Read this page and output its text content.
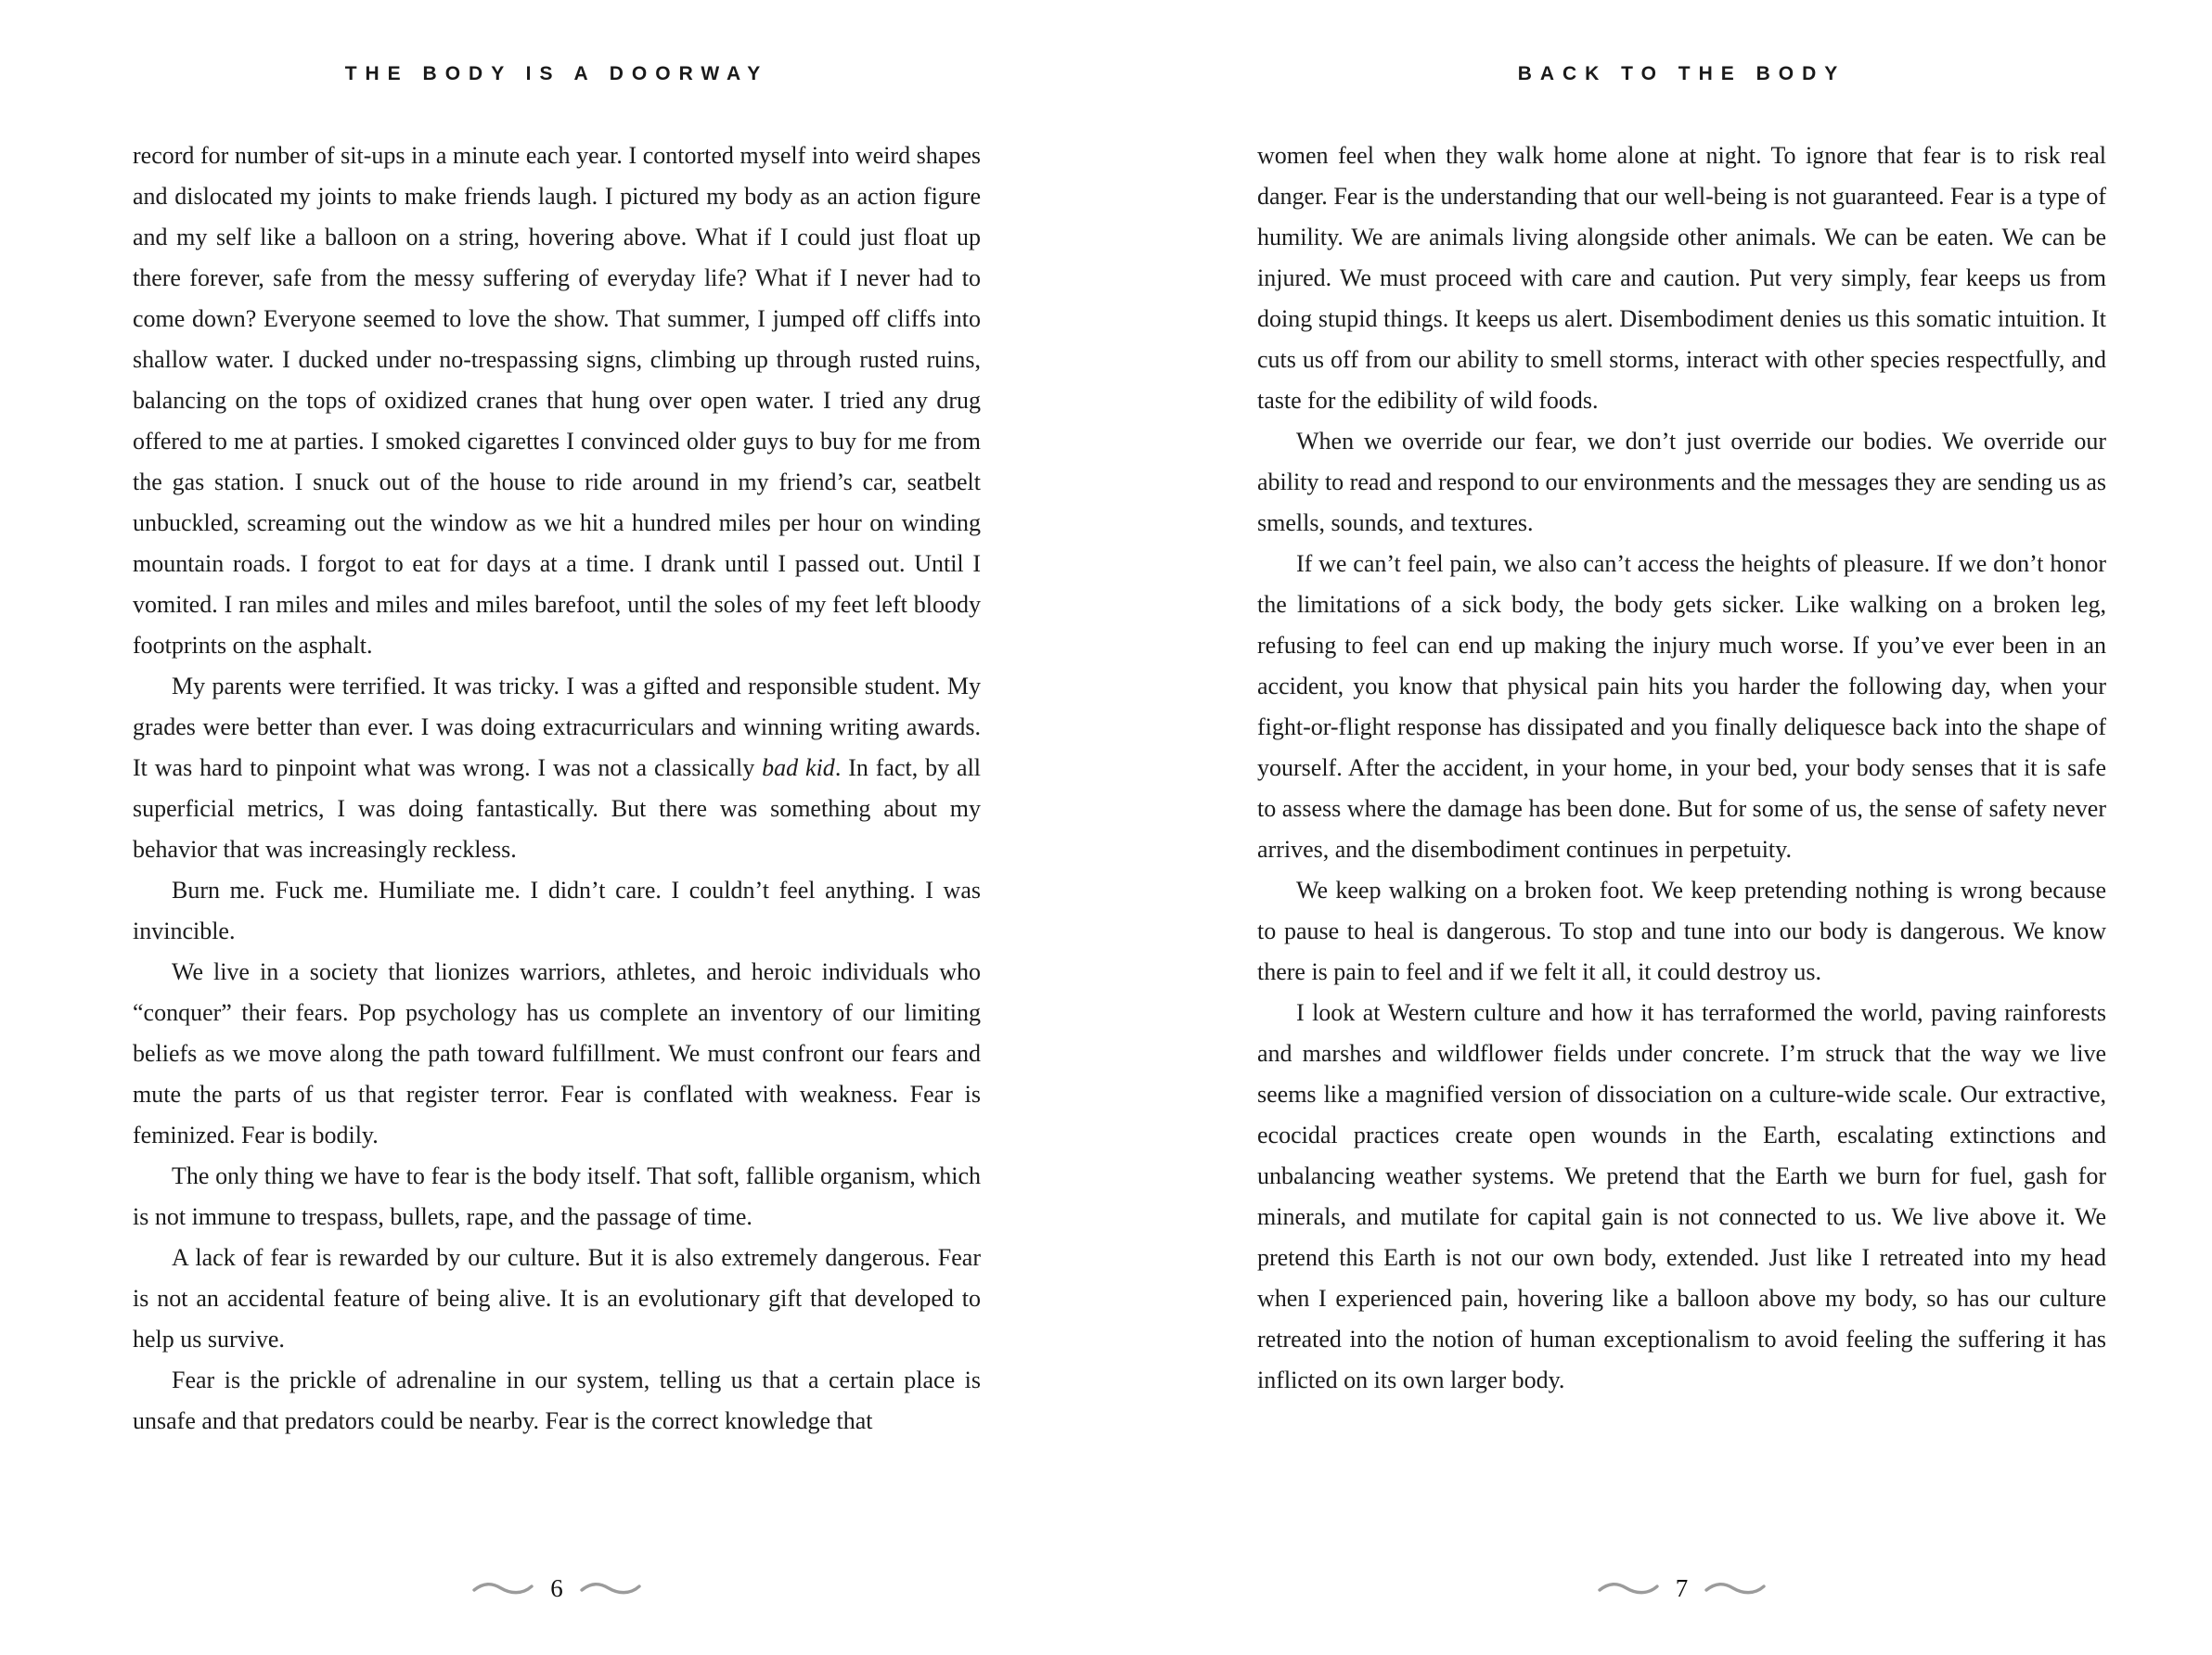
THE BODY IS A DOORWAY

record for number of sit-ups in a minute each year. I contorted myself into weird shapes and dislocated my joints to make friends laugh. I pictured my body as an action figure and my self like a balloon on a string, hovering above. What if I could just float up there forever, safe from the messy suffering of everyday life? What if I never had to come down? Everyone seemed to love the show. That summer, I jumped off cliffs into shallow water. I ducked under no-trespassing signs, climbing up through rusted ruins, balancing on the tops of oxidized cranes that hung over open water. I tried any drug offered to me at parties. I smoked cigarettes I convinced older guys to buy for me from the gas station. I snuck out of the house to ride around in my friend’s car, seatbelt unbuckled, screaming out the window as we hit a hundred miles per hour on winding mountain roads. I forgot to eat for days at a time. I drank until I passed out. Until I vomited. I ran miles and miles and miles barefoot, until the soles of my feet left bloody footprints on the asphalt.

My parents were terrified. It was tricky. I was a gifted and responsible student. My grades were better than ever. I was doing extracurriculars and winning writing awards. It was hard to pinpoint what was wrong. I was not a classically bad kid. In fact, by all superficial metrics, I was doing fantastically. But there was something about my behavior that was increasingly reckless.

Burn me. Fuck me. Humiliate me. I didn’t care. I couldn’t feel anything. I was invincible.

We live in a society that lionizes warriors, athletes, and heroic individuals who “conquer” their fears. Pop psychology has us complete an inventory of our limiting beliefs as we move along the path toward fulfillment. We must confront our fears and mute the parts of us that register terror. Fear is conflated with weakness. Fear is feminized. Fear is bodily.

The only thing we have to fear is the body itself. That soft, fallible organism, which is not immune to trespass, bullets, rape, and the passage of time.

A lack of fear is rewarded by our culture. But it is also extremely dangerous. Fear is not an accidental feature of being alive. It is an evolutionary gift that developed to help us survive.

Fear is the prickle of adrenaline in our system, telling us that a certain place is unsafe and that predators could be nearby. Fear is the correct knowledge that

6
BACK TO THE BODY

women feel when they walk home alone at night. To ignore that fear is to risk real danger. Fear is the understanding that our well-being is not guaranteed. Fear is a type of humility. We are animals living alongside other animals. We can be eaten. We can be injured. We must proceed with care and caution. Put very simply, fear keeps us from doing stupid things. It keeps us alert. Disembodiment denies us this somatic intuition. It cuts us off from our ability to smell storms, interact with other species respectfully, and taste for the edibility of wild foods.

When we override our fear, we don’t just override our bodies. We override our ability to read and respond to our environments and the messages they are sending us as smells, sounds, and textures.

If we can’t feel pain, we also can’t access the heights of pleasure. If we don’t honor the limitations of a sick body, the body gets sicker. Like walking on a broken leg, refusing to feel can end up making the injury much worse. If you’ve ever been in an accident, you know that physical pain hits you harder the following day, when your fight-or-flight response has dissipated and you finally deliquesce back into the shape of yourself. After the accident, in your home, in your bed, your body senses that it is safe to assess where the damage has been done. But for some of us, the sense of safety never arrives, and the disembodiment continues in perpetuity.

We keep walking on a broken foot. We keep pretending nothing is wrong because to pause to heal is dangerous. To stop and tune into our body is dangerous. We know there is pain to feel and if we felt it all, it could destroy us.

I look at Western culture and how it has terraformed the world, paving rainforests and marshes and wildflower fields under concrete. I’m struck that the way we live seems like a magnified version of dissociation on a culture-wide scale. Our extractive, ecocidal practices create open wounds in the Earth, escalating extinctions and unbalancing weather systems. We pretend that the Earth we burn for fuel, gash for minerals, and mutilate for capital gain is not connected to us. We live above it. We pretend this Earth is not our own body, extended. Just like I retreated into my head when I experienced pain, hovering like a balloon above my body, so has our culture retreated into the notion of human exceptionalism to avoid feeling the suffering it has inflicted on its own larger body.

7
